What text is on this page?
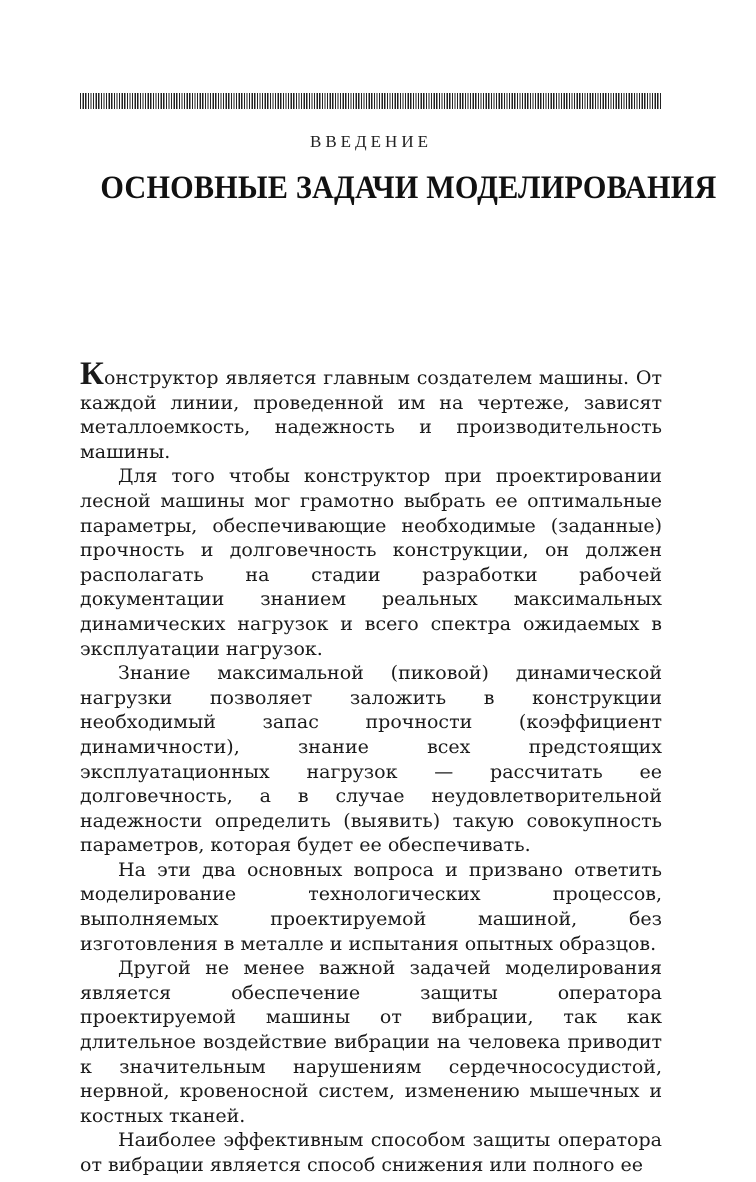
ВВЕДЕНИЕ
ОСНОВНЫЕ ЗАДАЧИ МОДЕЛИРОВАНИЯ

Конструктор является главным создателем машины. От каждой линии, проведенной им на чертеже, зависят металлоемкость, надежность и производительность машины.

Для того чтобы конструктор при проектировании лесной машины мог грамотно выбрать ее оптимальные параметры, обеспечивающие необходимые (заданные) прочность и долговечность конструкции, он должен располагать на стадии разработки рабочей документации знанием реальных максимальных динамических нагрузок и всего спектра ожидаемых в эксплуатации нагрузок.

Знание максимальной (пиковой) динамической нагрузки позволяет заложить в конструкции необходимый запас прочности (коэффициент динамичности), знание всех предстоящих эксплуатационных нагрузок — рассчитать ее долговечность, а в случае неудовлетворительной надежности определить (выявить) такую совокупность параметров, которая будет ее обеспечивать.

На эти два основных вопроса и призвано ответить моделирование технологических процессов, выполняемых проектируемой машиной, без изготовления в металле и испытания опытных образцов.

Другой не менее важной задачей моделирования является обеспечение защиты оператора проектируемой машины от вибрации, так как длительное воздействие вибрации на человека приводит к значительным нарушениям сердечнососудистой, нервной, кровеносной систем, изменению мышечных и костных тканей.

Наиболее эффективным способом защиты оператора от вибрации является способ снижения или полного ее
